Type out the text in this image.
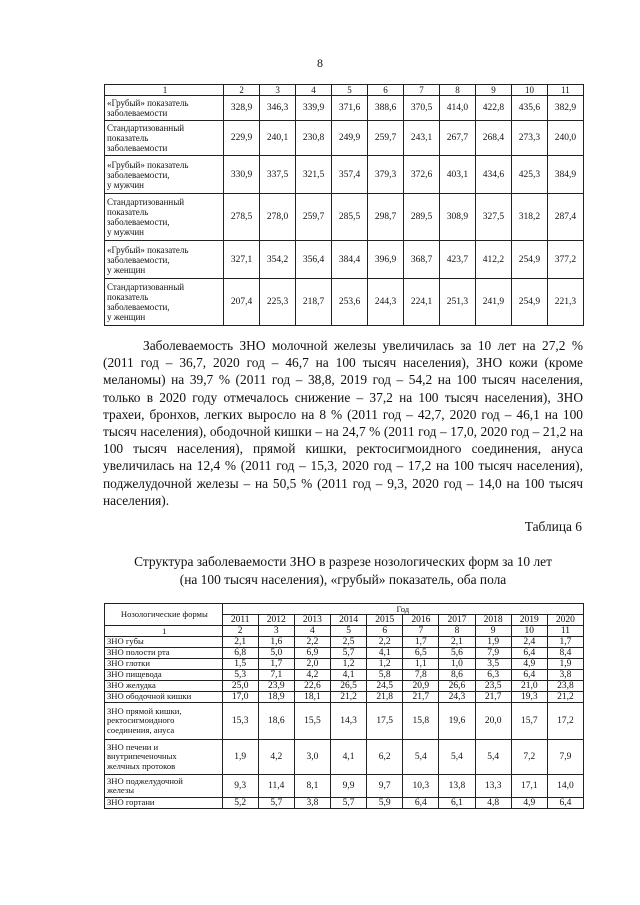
8
1	2	3	4	5	6	7	8	9	10	11

«Грубый» показатель
заболеваемости	328,9	346,3	339,9	371,6	388,6	370,5	414,0	422,8	435,6	382,9

Стандартизованный
показатель
заболеваемости	229,9	240,1	230,8	249,9	259,7	243,1	267,7	268,4	273,3	240,0

«Грубый» показатель
заболеваемости,
у мужчин	330,9	337,5	321,5	357,4	379,3	372,6	403,1	434,6	425,3	384,9

Стандартизованный
показатель
заболеваемости,
у мужчин	278,5	278,0	259,7	285,5	298,7	289,5	308,9	327,5	318,2	287,4

«Грубый» показатель
заболеваемости,
у женщин	327,1	354,2	356,4	384,4	396,9	368,7	423,7	412,2	254,9	377,2

Стандартизованный
показатель
заболеваемости,
у женщин	207,4	225,3	218,7	253,6	244,3	224,1	251,3	241,9	254,9	221,3

Заболеваемость ЗНО молочной железы увеличилась за 10 лет на 27,2 % (2011 год – 36,7, 2020 год – 46,7 на 100 тысяч населения), ЗНО кожи (кроме меланомы) на 39,7 % (2011 год – 38,8, 2019 год – 54,2 на 100 тысяч населения, только в 2020 году отмечалось снижение – 37,2 на 100 тысяч населения), ЗНО трахеи, бронхов, легких выросло на 8 % (2011 год – 42,7, 2020 год – 46,1 на 100 тысяч населения), ободочной кишки – на 24,7 % (2011 год – 17,0, 2020 год – 21,2 на 100 тысяч населения), прямой кишки, ректосигмоидного соединения, ануса увеличилась на 12,4 % (2011 год – 15,3, 2020 год – 17,2 на 100 тысяч населения), поджелудочной железы – на 50,5 % (2011 год – 9,3, 2020 год – 14,0 на 100 тысяч населения).

Таблица 6
Структура заболеваемости ЗНО в разрезе нозологических форм за 10 лет
(на 100 тысяч населения), «грубый» показатель, оба пола
Нозологические формы	Год									
	2011	2012	2013	2014	2015	2016	2017	2018	2019	2020
1	2	3	4	5	6	7	8	9	10	11

ЗНО губы	2,1	1,6	2,2	2,5	2,2	1,7	2,1	1,9	2,4	1,7

ЗНО полости рта	6,8	5,0	6,9	5,7	4,1	6,5	5,6	7,9	6,4	8,4

ЗНО глотки	1,5	1,7	2,0	1,2	1,2	1,1	1,0	3,5	4,9	1,9

ЗНО пищевода	5,3	7,1	4,2	4,1	5,8	7,8	8,6	6,3	6,4	3,8

ЗНО желудка	25,0	23,9	22,6	26,5	24,5	20,9	26,6	23,5	21,0	23,8

ЗНО ободочной кишки	17,0	18,9	18,1	21,2	21,8	21,7	24,3	21,7	19,3	21,2

ЗНО прямой кишки,
ректосигмоидного
соединения, ануса	15,3	18,6	15,5	14,3	17,5	15,8	19,6	20,0	15,7	17,2

ЗНО печени и
внутрипеченочных
желчных протоков	1,9	4,2	3,0	4,1	6,2	5,4	5,4	5,4	7,2	7,9

ЗНО поджелудочной
железы	9,3	11,4	8,1	9,9	9,7	10,3	13,8	13,3	17,1	14,0

ЗНО гортани	5,2	5,7	3,8	5,7	5,9	6,4	6,1	4,8	4,9	6,4
